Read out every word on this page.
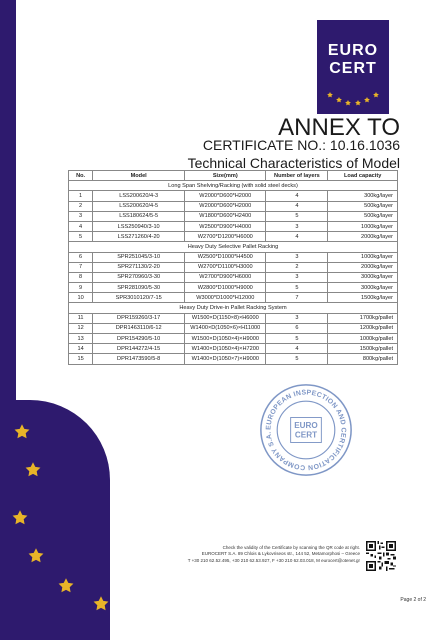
EURO
CERT
ANNEX TO
CERTIFICATE NO.: 10.16.1036
Technical Characteristics of Model
No.	Model	Size(mm)	Number of layers	Load capacity
Long Span Shelving/Racking (with solid steel decks)				
1	LSS200620/4-3	W2000*D600*H2000	4	300kg/layer
2	LSS200620/4-5	W2000*D600*H2000	4	500kg/layer
3	LSS180624/5-5	W1800*D600*H2400	5	500kg/layer
4	LSS250940/3-10	W2500*D900*H4000	3	1000kg/layer
5	LSS271260/4-20	W2700*D1200*H6000	4	2000kg/layer
Heavy Duty Selective Pallet Racking				
6	SPR251045/3-10	W2500*D1000*H4500	3	1000kg/layer
7	SPR271130/2-20	W2700*D1100*H3000	2	2000kg/layer
8	SPR270960/3-30	W2700*D900*H6000	3	3000kg/layer
9	SPR281090/5-30	W2800*D1000*H9000	5	3000kg/layer
10	SPR3010120/7-15	W3000*D1000*H12000	7	1500kg/layer
Heavy Duty Drive-in Pallet Racking System				
11	DPR159260/3-17	W1500×D(1150×8)×H6000	3	1700kg/pallet
12	DPR1463110/6-12	W1400×D(1050×6)×H11000	6	1200kg/pallet
13	DPR154290/5-10	W1500×D(1050×4)×H9000	5	1000kg/pallet
14	DPR144272/4-15	W1400×D(1050×4)×H7200	4	1500kg/pallet
15	DPR1473590/5-8	W1400×D(1050×7)×H9000	5	800kg/pallet
EUROPEAN INSPECTION AND CERTIFICATION COMPANY S.A.
EURO
CERT
Check the validity of the Certificate by scanning the QR code at right.
EUROCERT S.A. 89 Chlois & Lykovriseos str., 144 52, Metamorphosi – Greece
T +30 210 62.52.495, +30 210 62.53.927, F +30 210 62.03.018, M eurocert@otenet.gr
Page 2 of 2
